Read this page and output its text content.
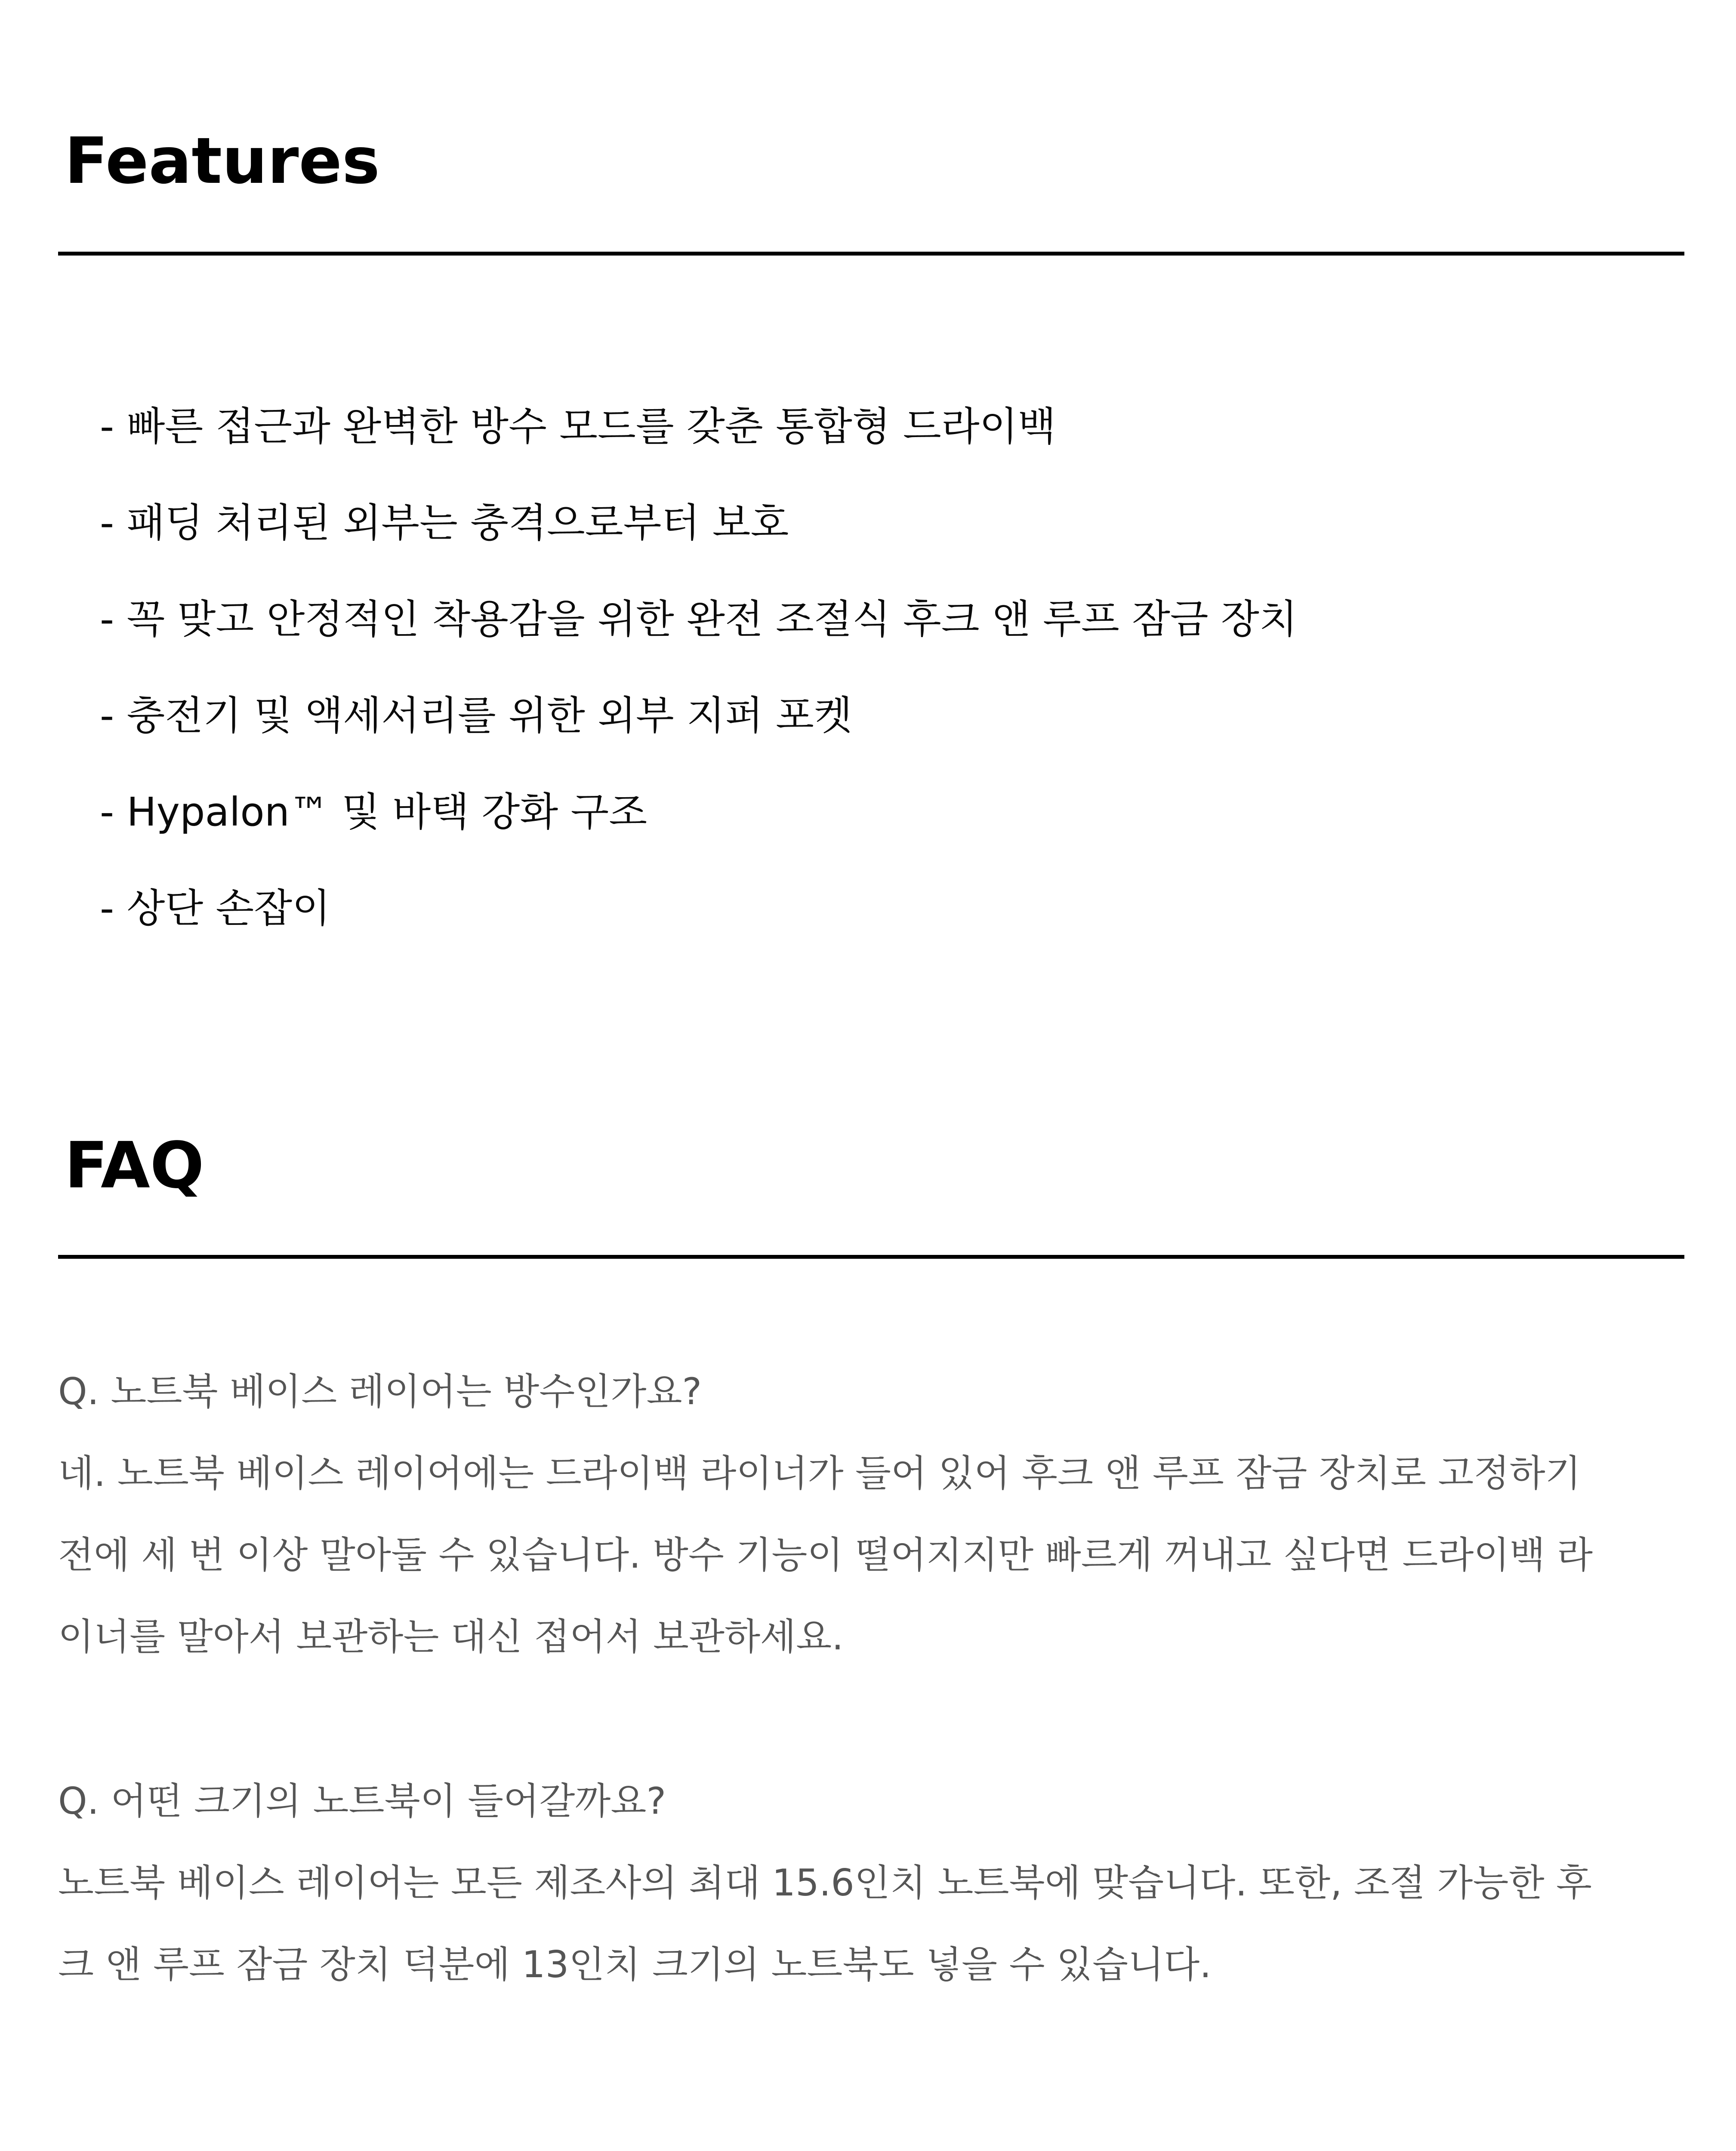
Features
- 빠른 접근과 완벽한 방수 모드를 갖춘 통합형 드라이백
- 패딩 처리된 외부는 충격으로부터 보호
- 꼭 맞고 안정적인 착용감을 위한 완전 조절식 후크 앤 루프 잠금 장치
- 충전기 및 액세서리를 위한 외부 지퍼 포켓
- Hypalon™ 및 바택 강화 구조
- 상단 손잡이
FAQ
Q. 노트북 베이스 레이어는 방수인가요?
네. 노트북 베이스 레이어에는 드라이백 라이너가 들어 있어 후크 앤 루프 잠금 장치로 고정하기
전에 세 번 이상 말아둘 수 있습니다. 방수 기능이 떨어지지만 빠르게 꺼내고 싶다면 드라이백 라
이너를 말아서 보관하는 대신 접어서 보관하세요.
Q. 어떤 크기의 노트북이 들어갈까요?
노트북 베이스 레이어는 모든 제조사의 최대 15.6인치 노트북에 맞습니다. 또한, 조절 가능한 후
크 앤 루프 잠금 장치 덕분에 13인치 크기의 노트북도 넣을 수 있습니다.
